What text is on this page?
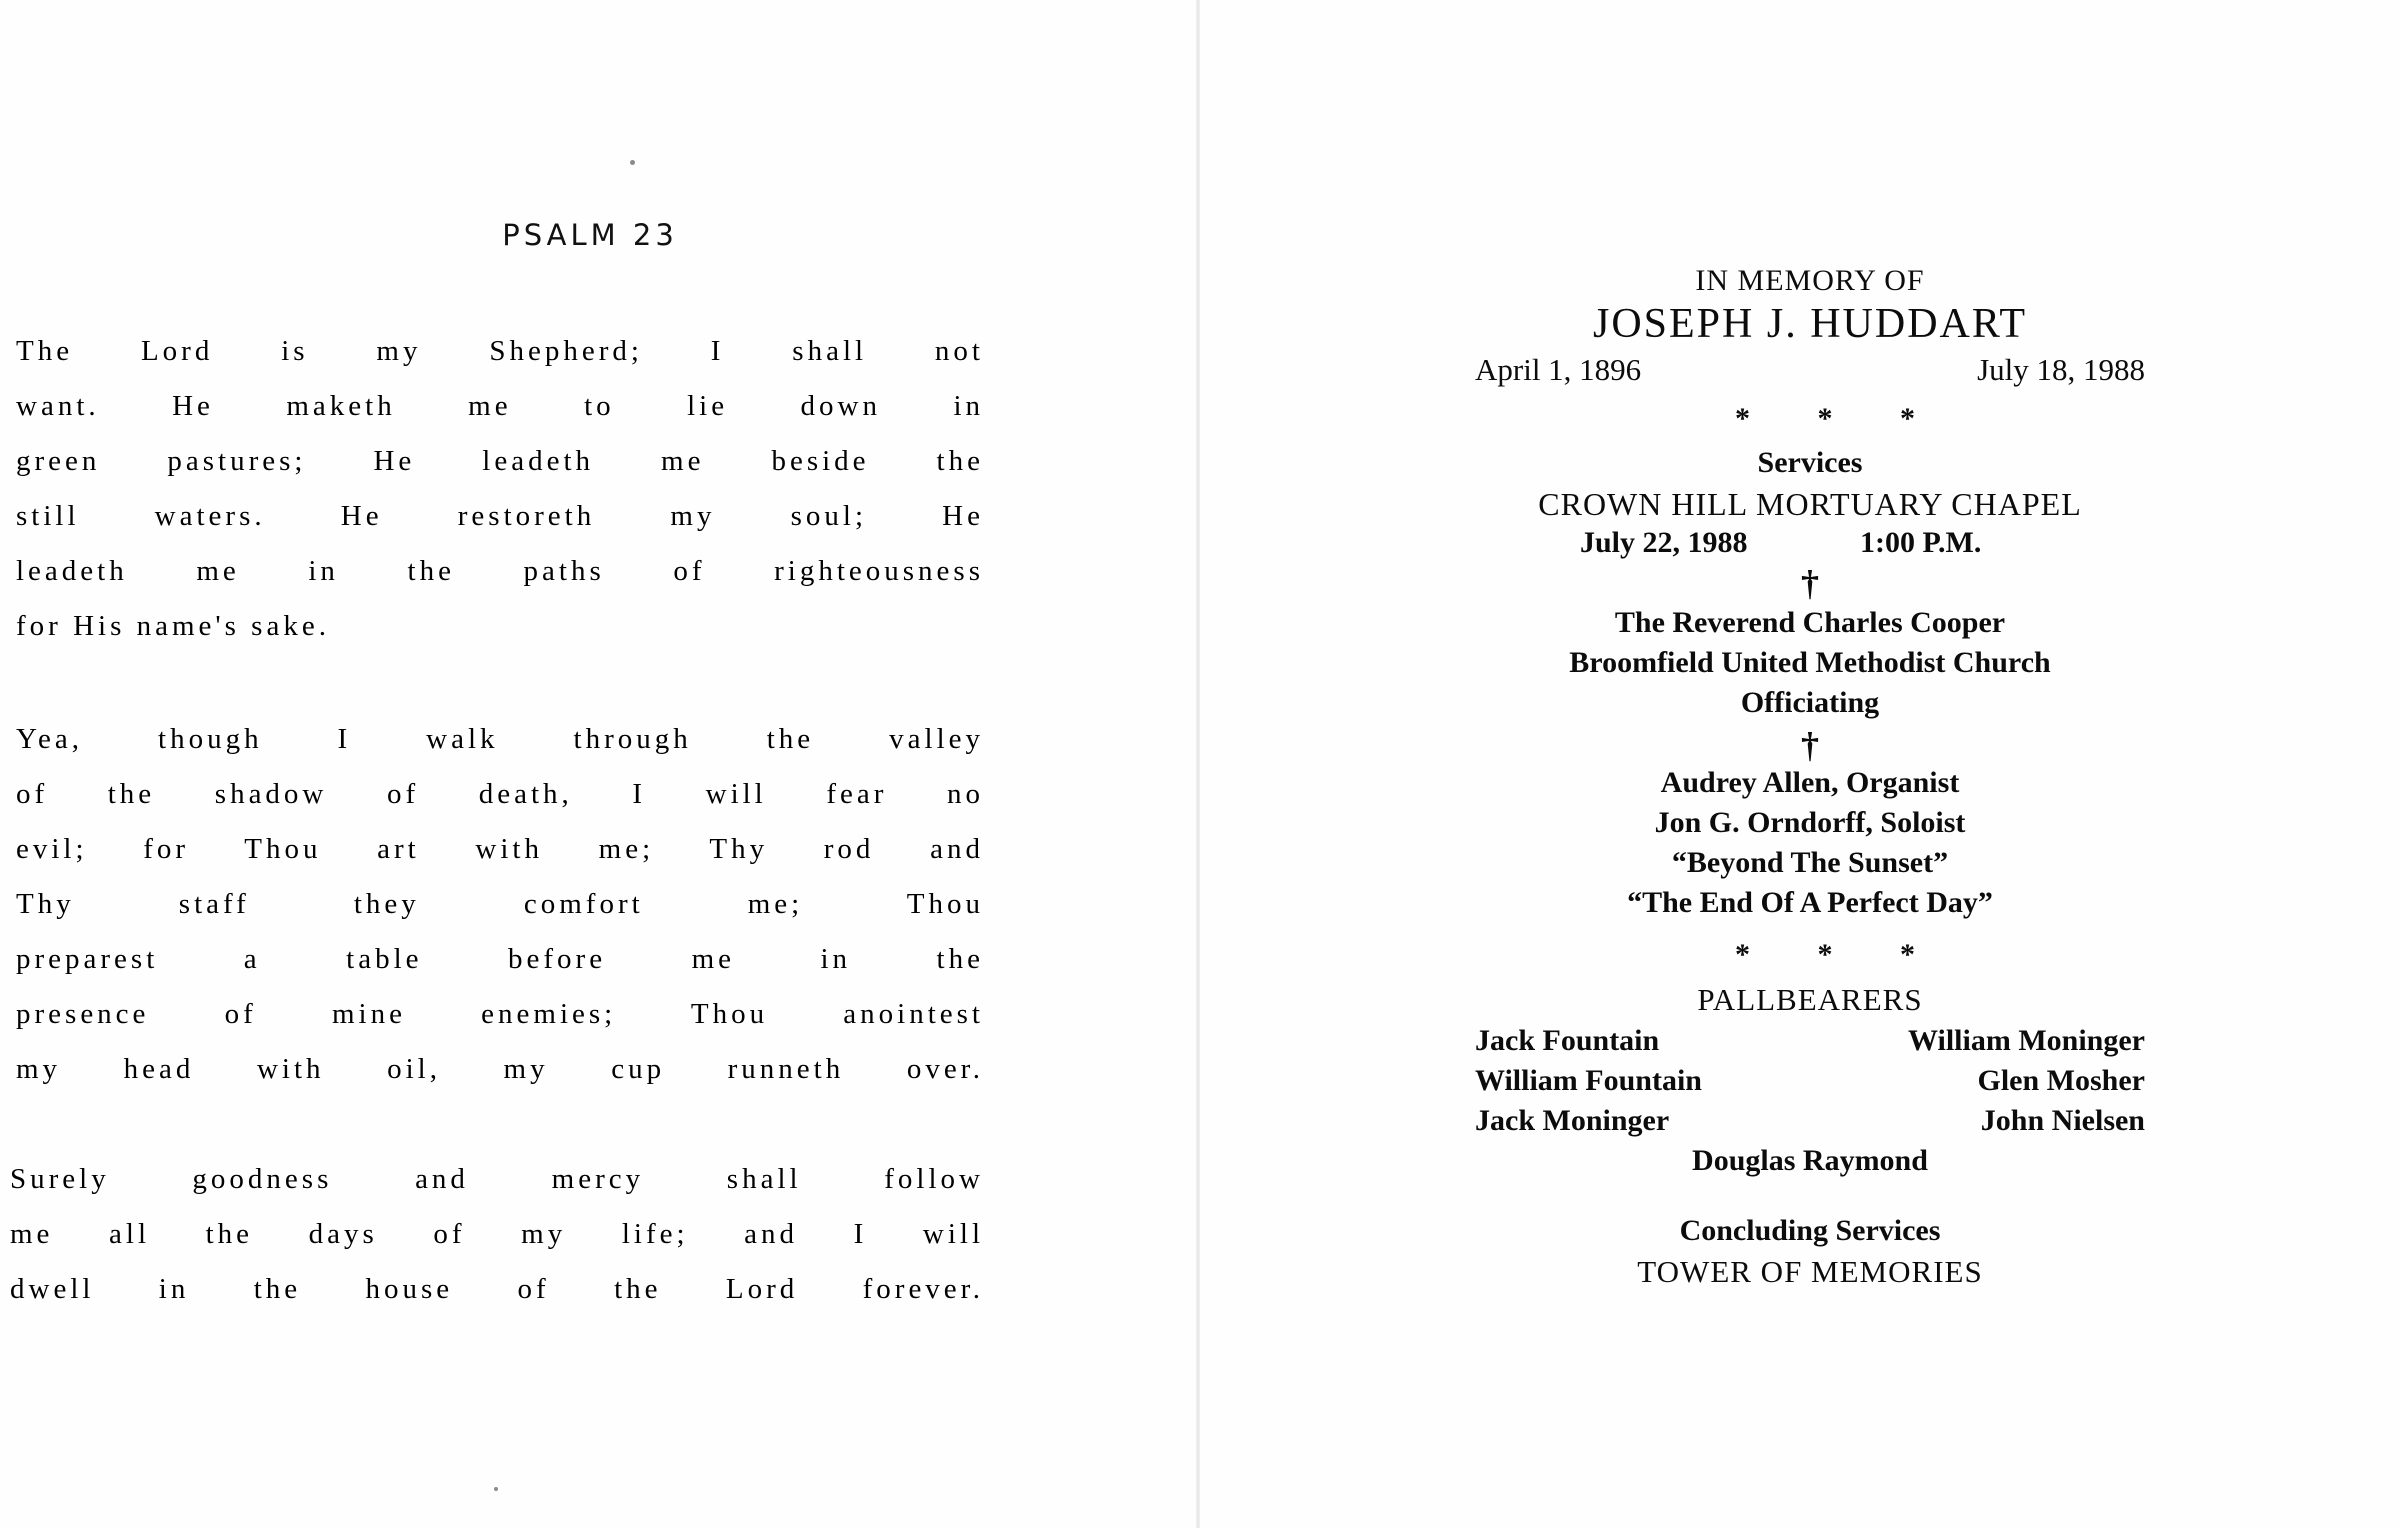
PSALM 23
The Lord is my Shepherd; I shall not
want. He maketh me to lie down in
green pastures; He leadeth me beside the
still waters. He restoreth my soul; He
leadeth me in the paths of righteousness
for His name's sake.
Yea, though I walk through the valley
of the shadow of death, I will fear no
evil; for Thou art with me; Thy rod and
Thy staff they comfort me; Thou
preparest a table before me in the
presence of mine enemies; Thou anointest
my head with oil, my cup runneth over.
Surely goodness and mercy shall follow
me all the days of my life; and I will
dwell in the house of the Lord forever.
IN MEMORY OF
JOSEPH J. HUDDART
April 1, 1896	July 18, 1988
* * *
Services
CROWN HILL MORTUARY CHAPEL
July 22, 1988	1:00 P.M.
†
The Reverend Charles Cooper
Broomfield United Methodist Church
Officiating
†
Audrey Allen, Organist
Jon G. Orndorff, Soloist
“Beyond The Sunset”
“The End Of A Perfect Day”
* * *
PALLBEARERS
Jack Fountain	William Moninger
William Fountain	Glen Mosher
Jack Moninger	John Nielsen
Douglas Raymond
Concluding Services
TOWER OF MEMORIES
